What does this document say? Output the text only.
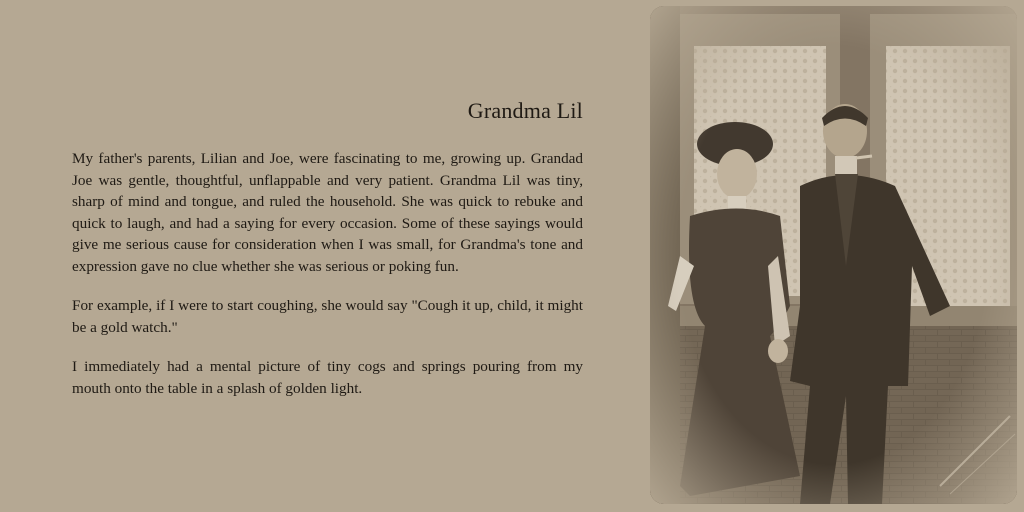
Grandma Lil

My father's parents, Lilian and Joe, were fascinating to me, growing up. Grandad Joe was gentle, thoughtful, unflappable and very patient. Grandma Lil was tiny, sharp of mind and tongue, and ruled the household. She was quick to rebuke and quick to laugh, and had a saying for every occasion. Some of these sayings would give me serious cause for consideration when I was small, for Grandma's tone and expression gave no clue whether she was serious or poking fun.

For example, if I were to start coughing, she would say "Cough it up, child, it might be a gold watch."

I immediately had a mental picture of tiny cogs and springs pouring from my mouth onto the table in a splash of golden light.
